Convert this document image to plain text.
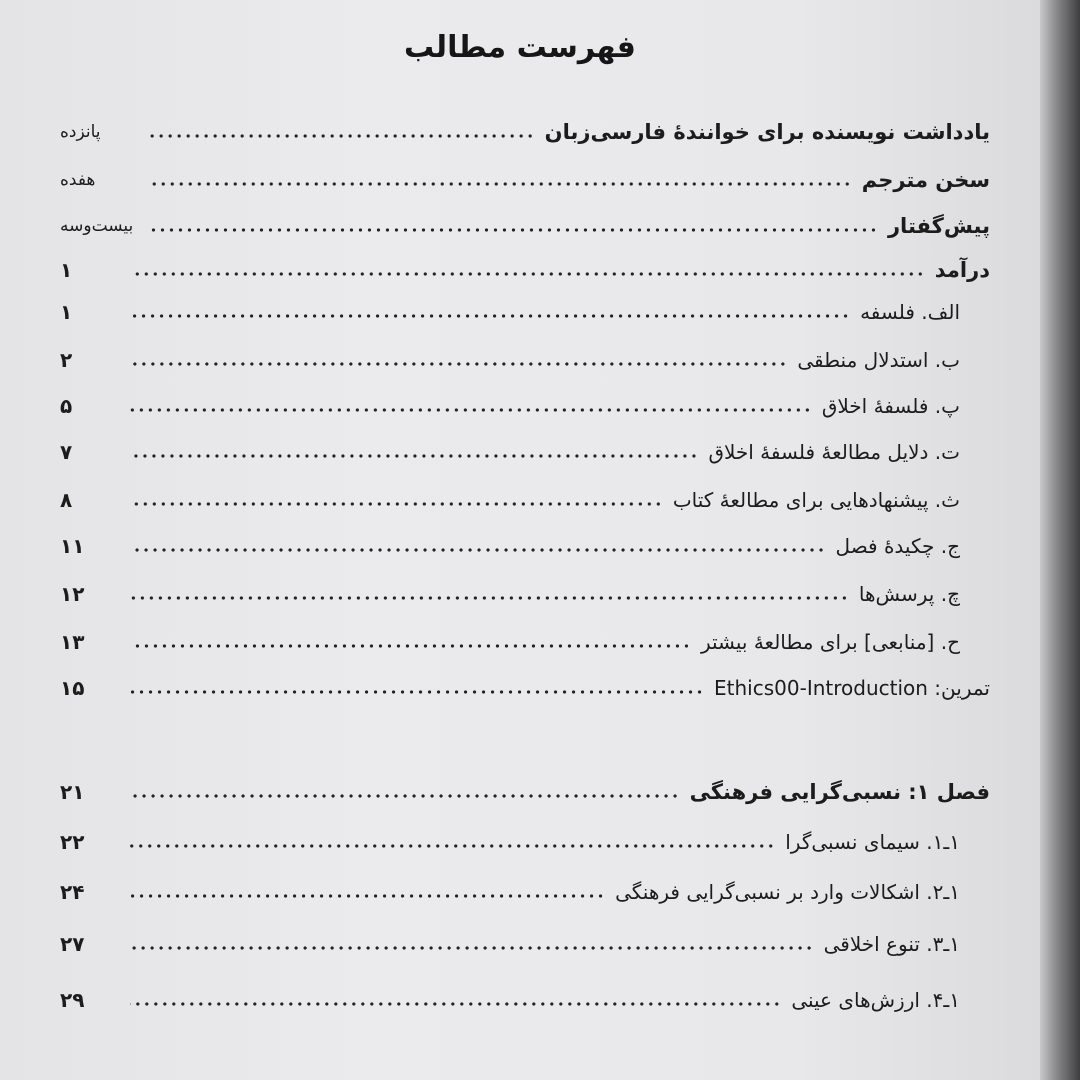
فهرست مطالب
یادداشت نویسنده برای خوانندهٔ فارسی‌زبان
پانزده
سخن مترجم
هفده
پیش‌گفتار
بیست‌وسه
درآمد
۱
الف. فلسفه
۱
ب. استدلال منطقی
۲
پ. فلسفهٔ اخلاق
۵
ت. دلایل مطالعهٔ فلسفهٔ اخلاق
۷
ث. پیشنهادهایی برای مطالعهٔ کتاب
۸
ج. چکیدهٔ فصل
۱۱
چ. پرسش‌ها
۱۲
ح. [منابعی] برای مطالعهٔ بیشتر
۱۳
تمرین: Ethics00-Introduction
۱۵
فصل ۱: نسبی‌گرایی فرهنگی
۲۱
۱ـ۱. سیمای نسبی‌گرا
۲۲
۱ـ۲. اشکالات وارد بر نسبی‌گرایی فرهنگی
۲۴
۱ـ۳. تنوع اخلاقی
۲۷
۱ـ۴. ارزش‌های عینی
۲۹
